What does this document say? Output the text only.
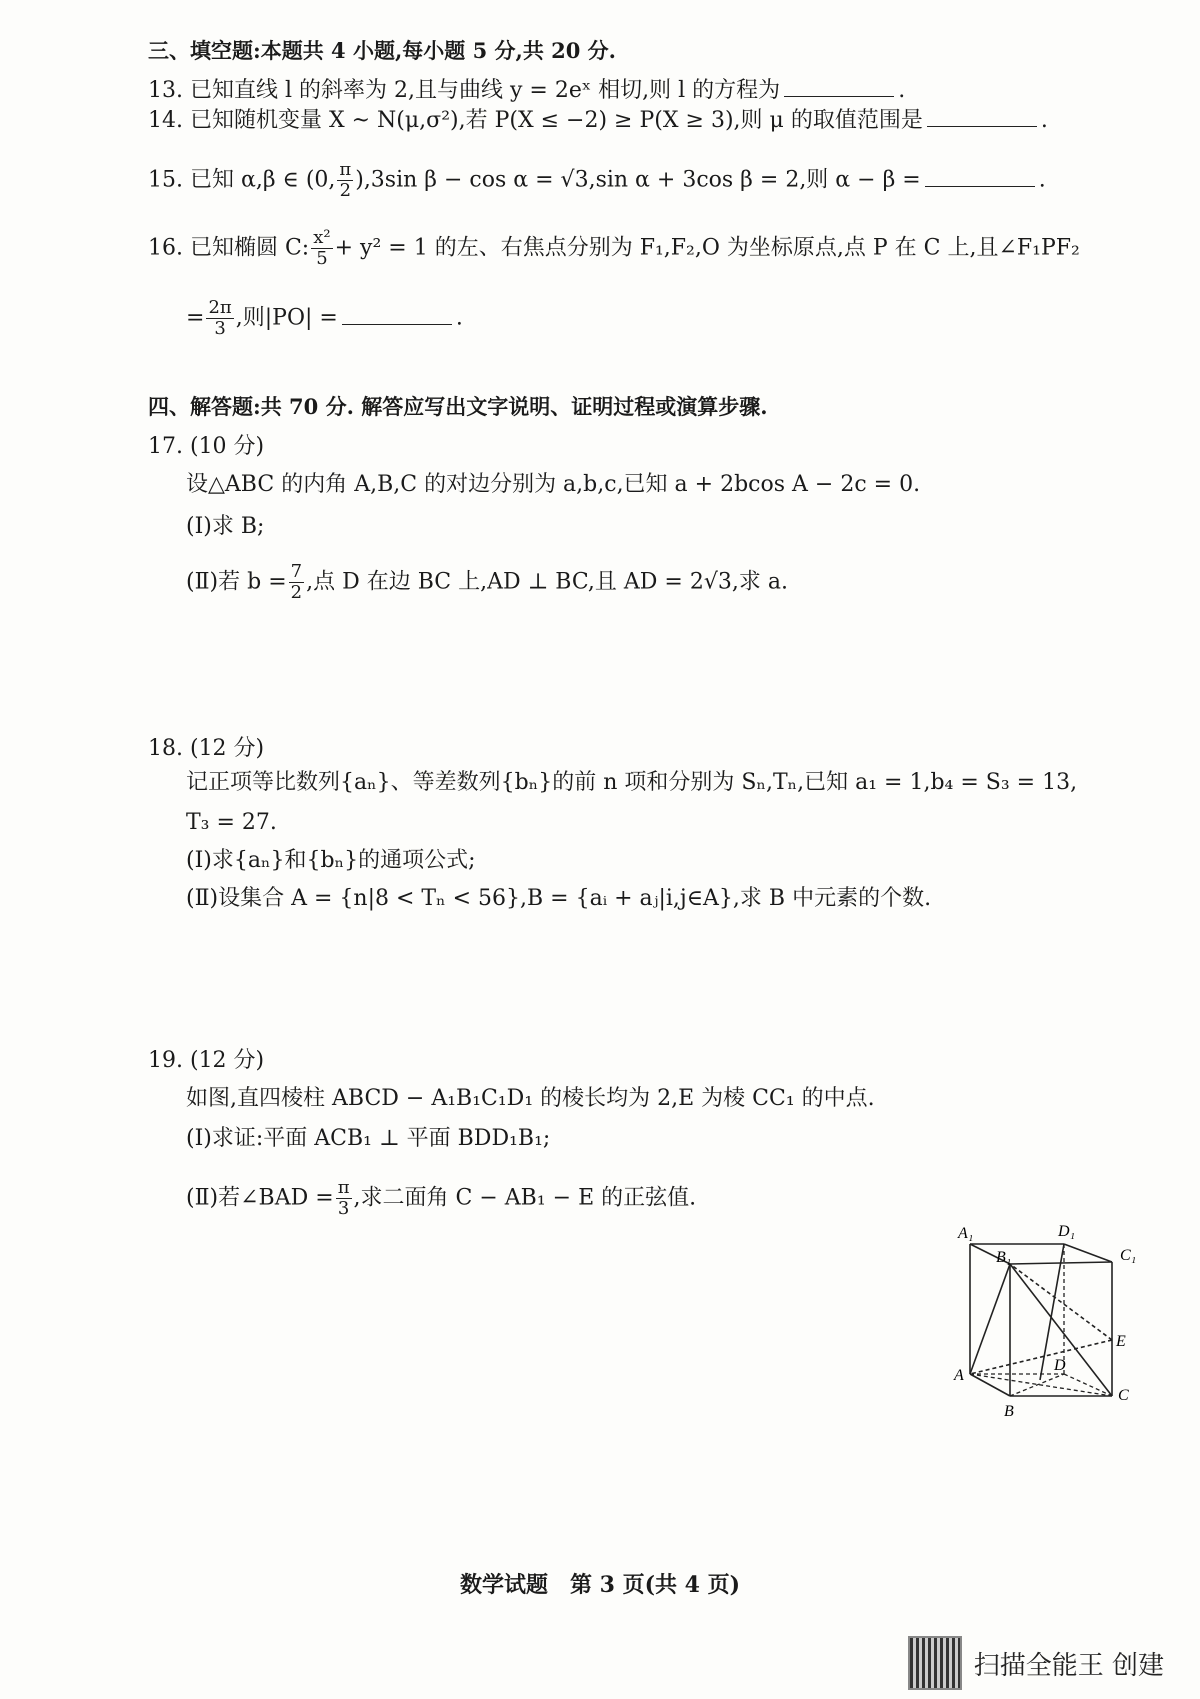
三、填空题:本题共 4 小题,每小题 5 分,共 20 分.
13. 已知直线 l 的斜率为 2,且与曲线 y = 2eˣ 相切,则 l 的方程为	.
14. 已知随机变量 X ~ N(μ,σ²),若 P(X ≤ −2) ≥ P(X ≥ 3),则 μ 的取值范围是	.
15. 已知 α,β ∈ (0, $\frac{\pi}{2} ),3\sin$ β − cos α = √3,sin α + 3cos β = 2,则 α − β =	.
16. 已知椭圆 C: $\frac{\text{x²}}{5} + y^2 = 1$ 的左、右焦点分别为 F₁,F₂,O 为坐标原点,点 P 在 C 上,且∠F₁PF₂
= $\frac{2\pi}{3}$ ,则|PO| =	.
四、解答题:共 70 分. 解答应写出文字说明、证明过程或演算步骤.
17. (10 分)
设△ABC 的内角 A,B,C 的对边分别为 a,b,c,已知 a + 2bcos A − 2c = 0.
(Ⅰ)求 B;
(Ⅱ)若 $b = \frac{7}{2}$ ,点 D 在边 BC 上,AD ⊥ BC,且 AD = 2√3,求 a.
18. (12 分)
记正项等比数列{aₙ}、等差数列{bₙ}的前 n 项和分别为 Sₙ,Tₙ,已知 a₁ = 1,b₄ = S₃ = 13,
T₃ = 27.
(Ⅰ)求{aₙ}和{bₙ}的通项公式;
(Ⅱ)设集合 A = {n|8 < Tₙ < 56},B = {aᵢ + aⱼ|i,j∈A},求 B 中元素的个数.
19. (12 分)
如图,直四棱柱 ABCD − A₁B₁C₁D₁ 的棱长均为 2,E 为棱 CC₁ 的中点.
(Ⅰ)求证:平面 ACB₁ ⊥ 平面 BDD₁B₁;
(Ⅱ)若∠BAD = $\frac{\pi}{3}$ ,求二面角 C − AB₁ − E 的正弦值.
A₁	D₁
C₁
B₁
E
D
A
C
B
数学试题　第 3 页(共 4 页)
扫描全能王 创建
